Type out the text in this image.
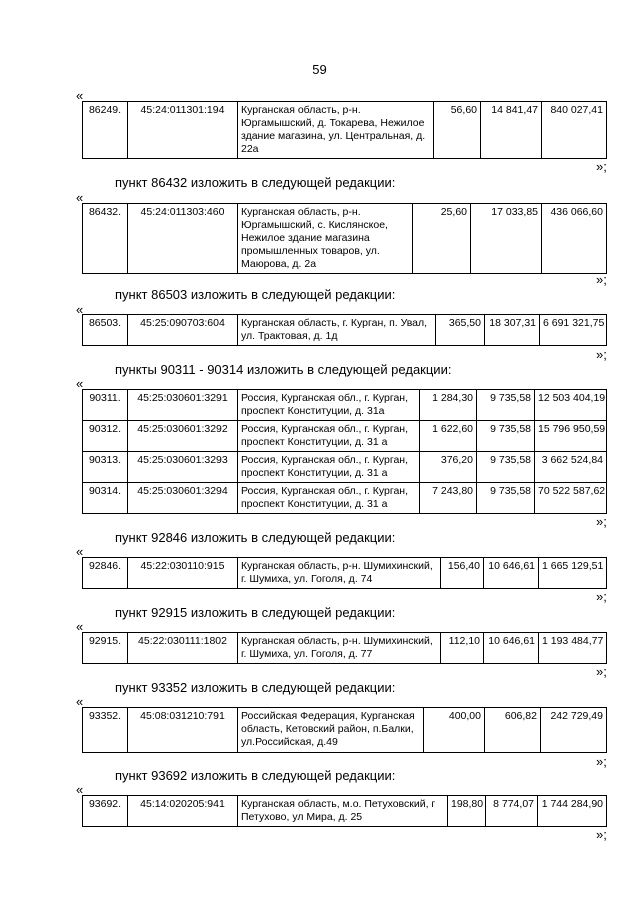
59
«
86249.	45:24:011301:194	Курганская область, р-н. Юргамышский, д. Токарева, Нежилое здание магазина, ул. Центральная, д. 22а	56,60	14 841,47	840 027,41
»;
пункт 86432 изложить в следующей редакции:
«
86432.	45:24:011303:460	Курганская область, р-н. Юргамышский, с. Кислянское, Нежилое здание магазина промышленных товаров, ул. Маюрова, д. 2а	25,60	17 033,85	436 066,60
»;
пункт 86503 изложить в следующей редакции:
«
86503.	45:25:090703:604	Курганская область, г. Курган, п. Увал, ул. Трактовая, д. 1д	365,50	18 307,31	6 691 321,75
»;
пункты 90311 - 90314 изложить в следующей редакции:
«
90311.	45:25:030601:3291	Россия, Курганская обл., г. Курган, проспект Конституции, д. 31а	1 284,30	9 735,58	12 503 404,19
90312.	45:25:030601:3292	Россия, Курганская обл., г. Курган, проспект Конституции, д. 31 а	1 622,60	9 735,58	15 796 950,59
90313.	45:25:030601:3293	Россия, Курганская обл., г. Курган, проспект Конституции, д. 31 а	376,20	9 735,58	3 662 524,84
90314.	45:25:030601:3294	Россия, Курганская обл., г. Курган, проспект Конституции, д. 31 а	7 243,80	9 735,58	70 522 587,62
»;
пункт 92846 изложить в следующей редакции:
«
92846.	45:22:030110:915	Курганская область, р-н. Шумихинский, г. Шумиха, ул. Гоголя, д. 74	156,40	10 646,61	1 665 129,51
»;
пункт 92915 изложить в следующей редакции:
«
92915.	45:22:030111:1802	Курганская область, р-н. Шумихинский, г. Шумиха, ул. Гоголя, д. 77	112,10	10 646,61	1 193 484,77
»;
пункт 93352 изложить в следующей редакции:
«
93352.	45:08:031210:791	Российская Федерация, Курганская область, Кетовский район, п.Балки, ул.Российская, д.49	400,00	606,82	242 729,49
»;
пункт 93692 изложить в следующей редакции:
«
93692.	45:14:020205:941	Курганская область, м.о. Петуховский, г Петухово, ул Мира, д. 25	198,80	8 774,07	1 744 284,90
»;
